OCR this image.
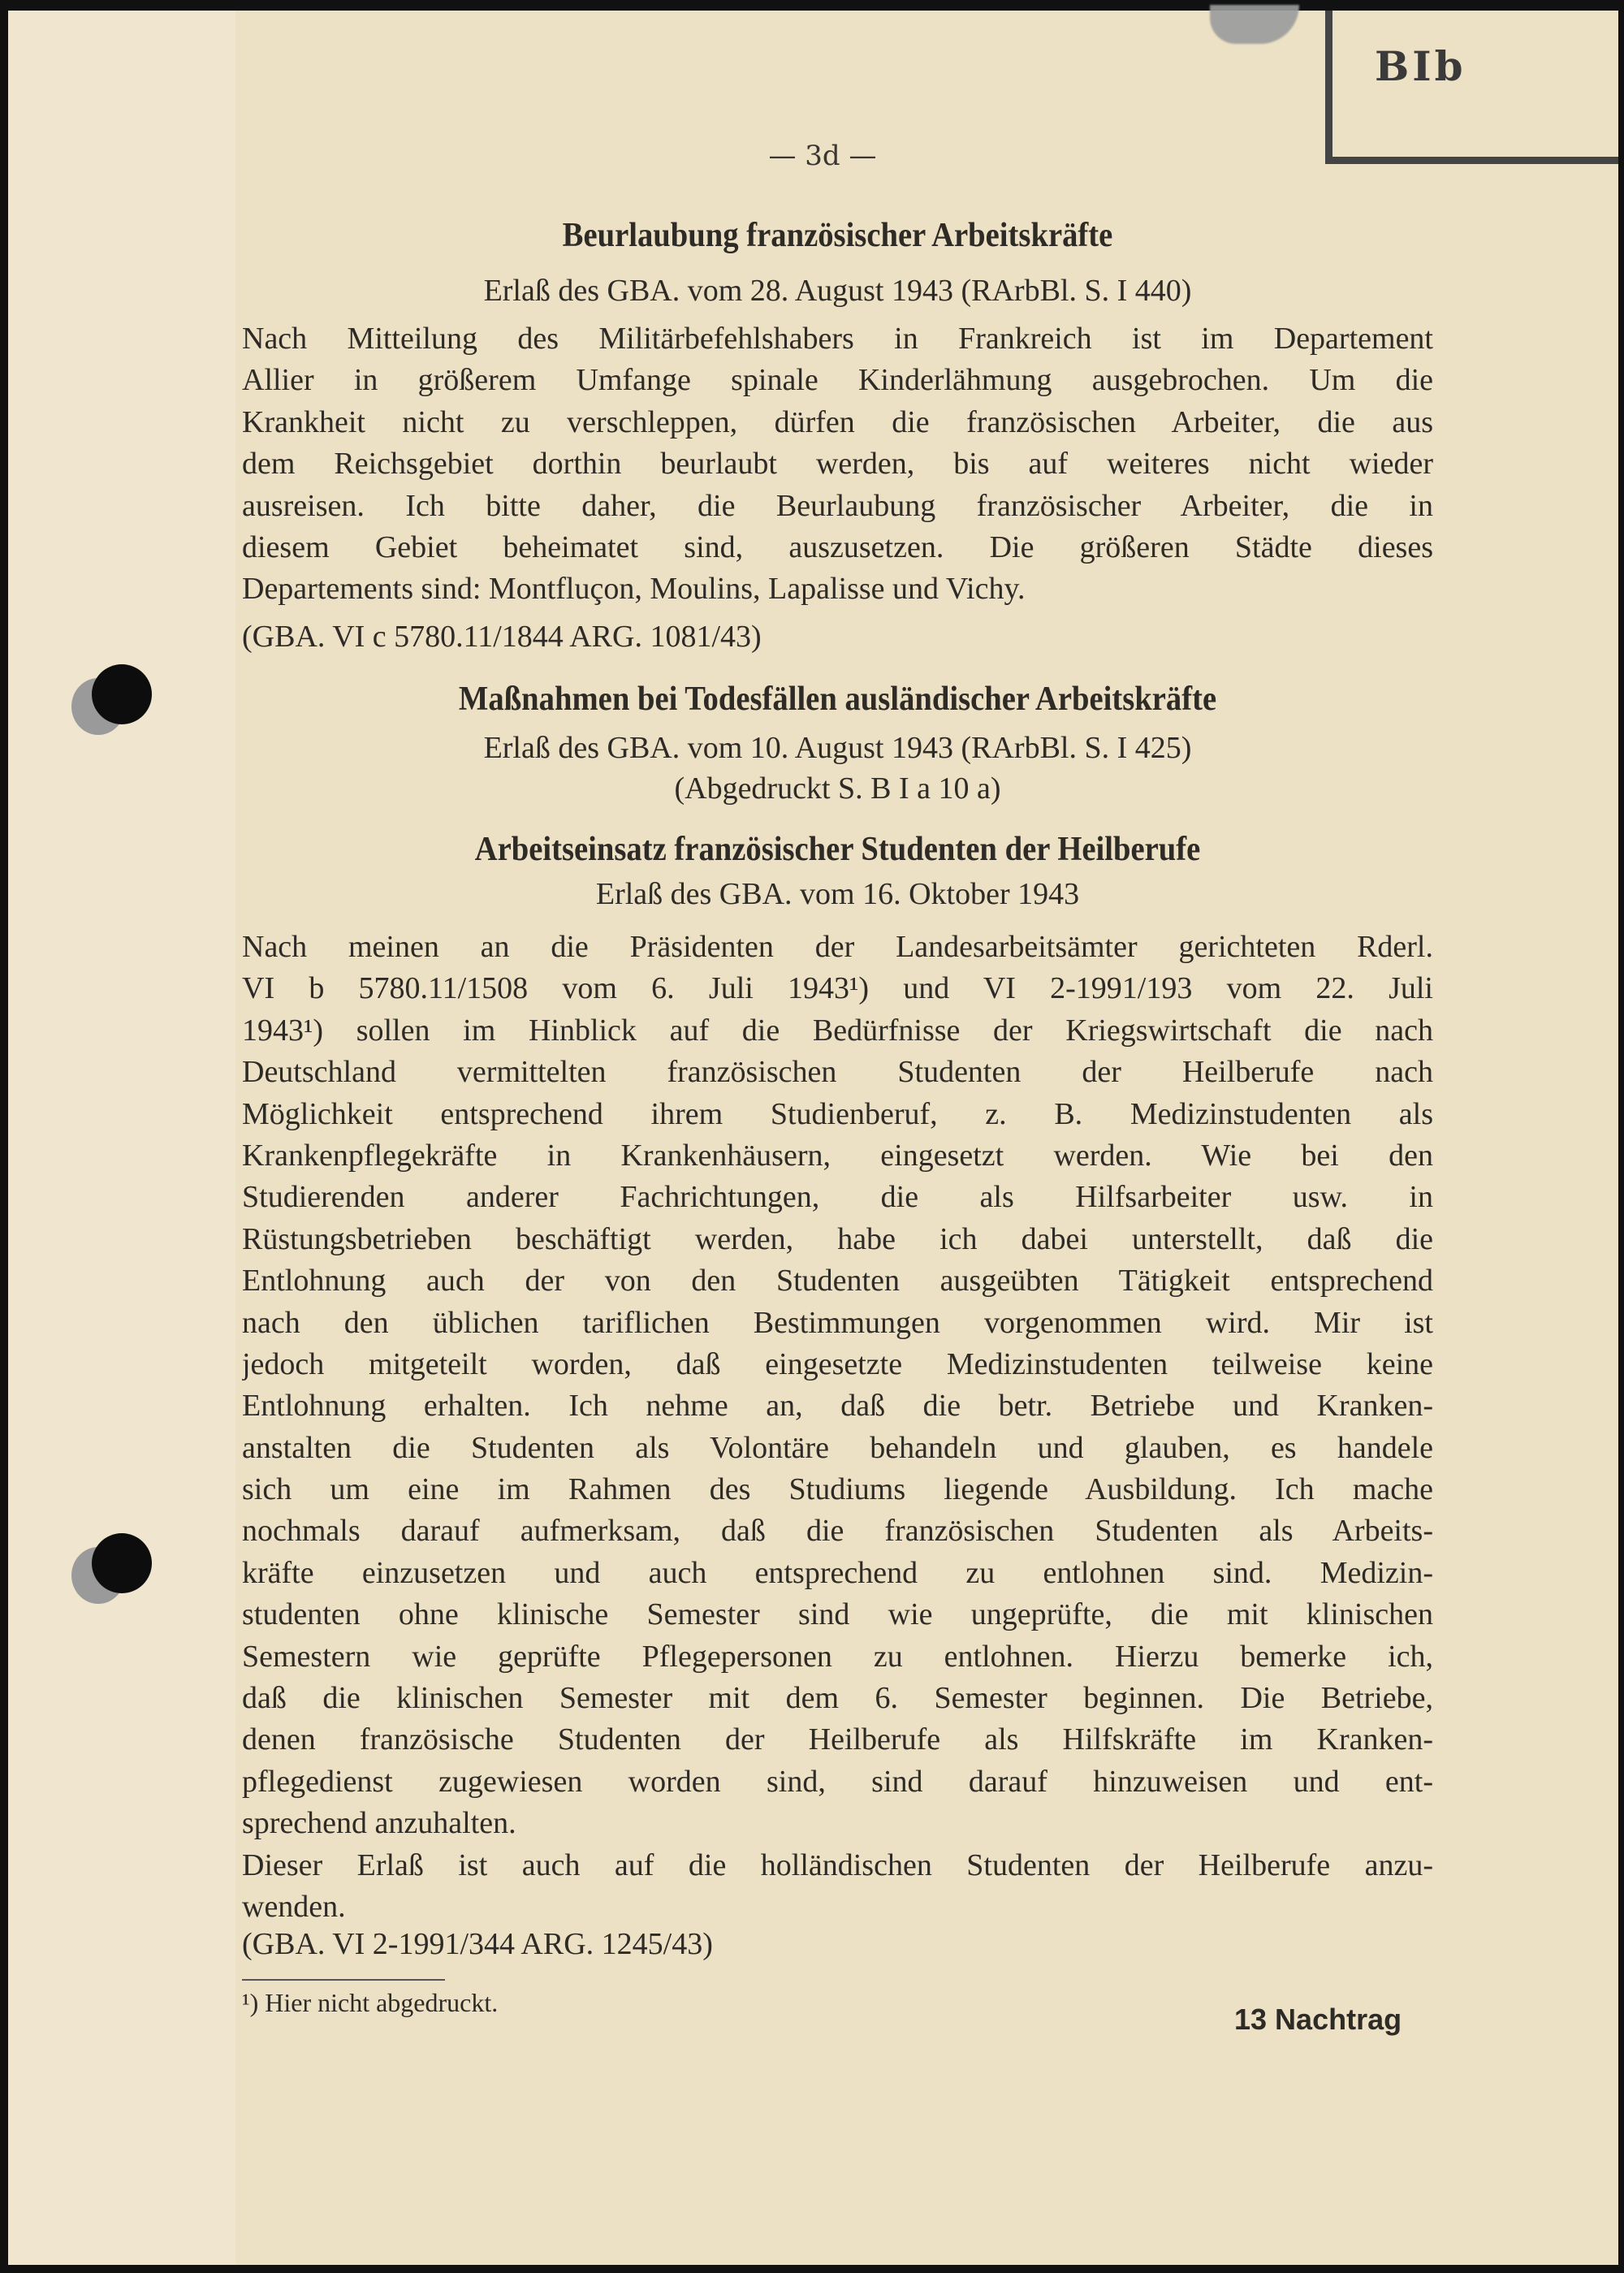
BIb
— 3d —
Beurlaubung französischer Arbeitskräfte
Erlaß des GBA. vom 28. August 1943 (RArbBl. S. I 440)
Nach Mitteilung des Militärbefehlshabers in Frankreich ist im Departement
Allier in größerem Umfange spinale Kinderlähmung ausgebrochen. Um die
Krankheit nicht zu verschleppen, dürfen die französischen Arbeiter, die aus
dem Reichsgebiet dorthin beurlaubt werden, bis auf weiteres nicht wieder
ausreisen. Ich bitte daher, die Beurlaubung französischer Arbeiter, die in
diesem Gebiet beheimatet sind, auszusetzen. Die größeren Städte dieses
Departements sind: Montfluçon, Moulins, Lapalisse und Vichy.
(GBA. VI c 5780.11/1844 ARG. 1081/43)
Maßnahmen bei Todesfällen ausländischer Arbeitskräfte
Erlaß des GBA. vom 10. August 1943 (RArbBl. S. I 425)
(Abgedruckt S. B I a 10 a)
Arbeitseinsatz französischer Studenten der Heilberufe
Erlaß des GBA. vom 16. Oktober 1943
Nach meinen an die Präsidenten der Landesarbeitsämter gerichteten Rderl.
VI b 5780.11/1508 vom 6. Juli 1943¹) und VI 2-1991/193 vom 22. Juli
1943¹) sollen im Hinblick auf die Bedürfnisse der Kriegswirtschaft die nach
Deutschland vermittelten französischen Studenten der Heilberufe nach
Möglichkeit entsprechend ihrem Studienberuf, z. B. Medizinstudenten als
Krankenpflegekräfte in Krankenhäusern, eingesetzt werden. Wie bei den
Studierenden anderer Fachrichtungen, die als Hilfsarbeiter usw. in
Rüstungsbetrieben beschäftigt werden, habe ich dabei unterstellt, daß die
Entlohnung auch der von den Studenten ausgeübten Tätigkeit entsprechend
nach den üblichen tariflichen Bestimmungen vorgenommen wird. Mir ist
jedoch mitgeteilt worden, daß eingesetzte Medizinstudenten teilweise keine
Entlohnung erhalten. Ich nehme an, daß die betr. Betriebe und Kranken-
anstalten die Studenten als Volontäre behandeln und glauben, es handele
sich um eine im Rahmen des Studiums liegende Ausbildung. Ich mache
nochmals darauf aufmerksam, daß die französischen Studenten als Arbeits-
kräfte einzusetzen und auch entsprechend zu entlohnen sind. Medizin-
studenten ohne klinische Semester sind wie ungeprüfte, die mit klinischen
Semestern wie geprüfte Pflegepersonen zu entlohnen. Hierzu bemerke ich,
daß die klinischen Semester mit dem 6. Semester beginnen. Die Betriebe,
denen französische Studenten der Heilberufe als Hilfskräfte im Kranken-
pflegedienst zugewiesen worden sind, sind darauf hinzuweisen und ent-
sprechend anzuhalten.
Dieser Erlaß ist auch auf die holländischen Studenten der Heilberufe anzu-
wenden.
(GBA. VI 2-1991/344 ARG. 1245/43)
¹) Hier nicht abgedruckt.	13 Nachtrag
